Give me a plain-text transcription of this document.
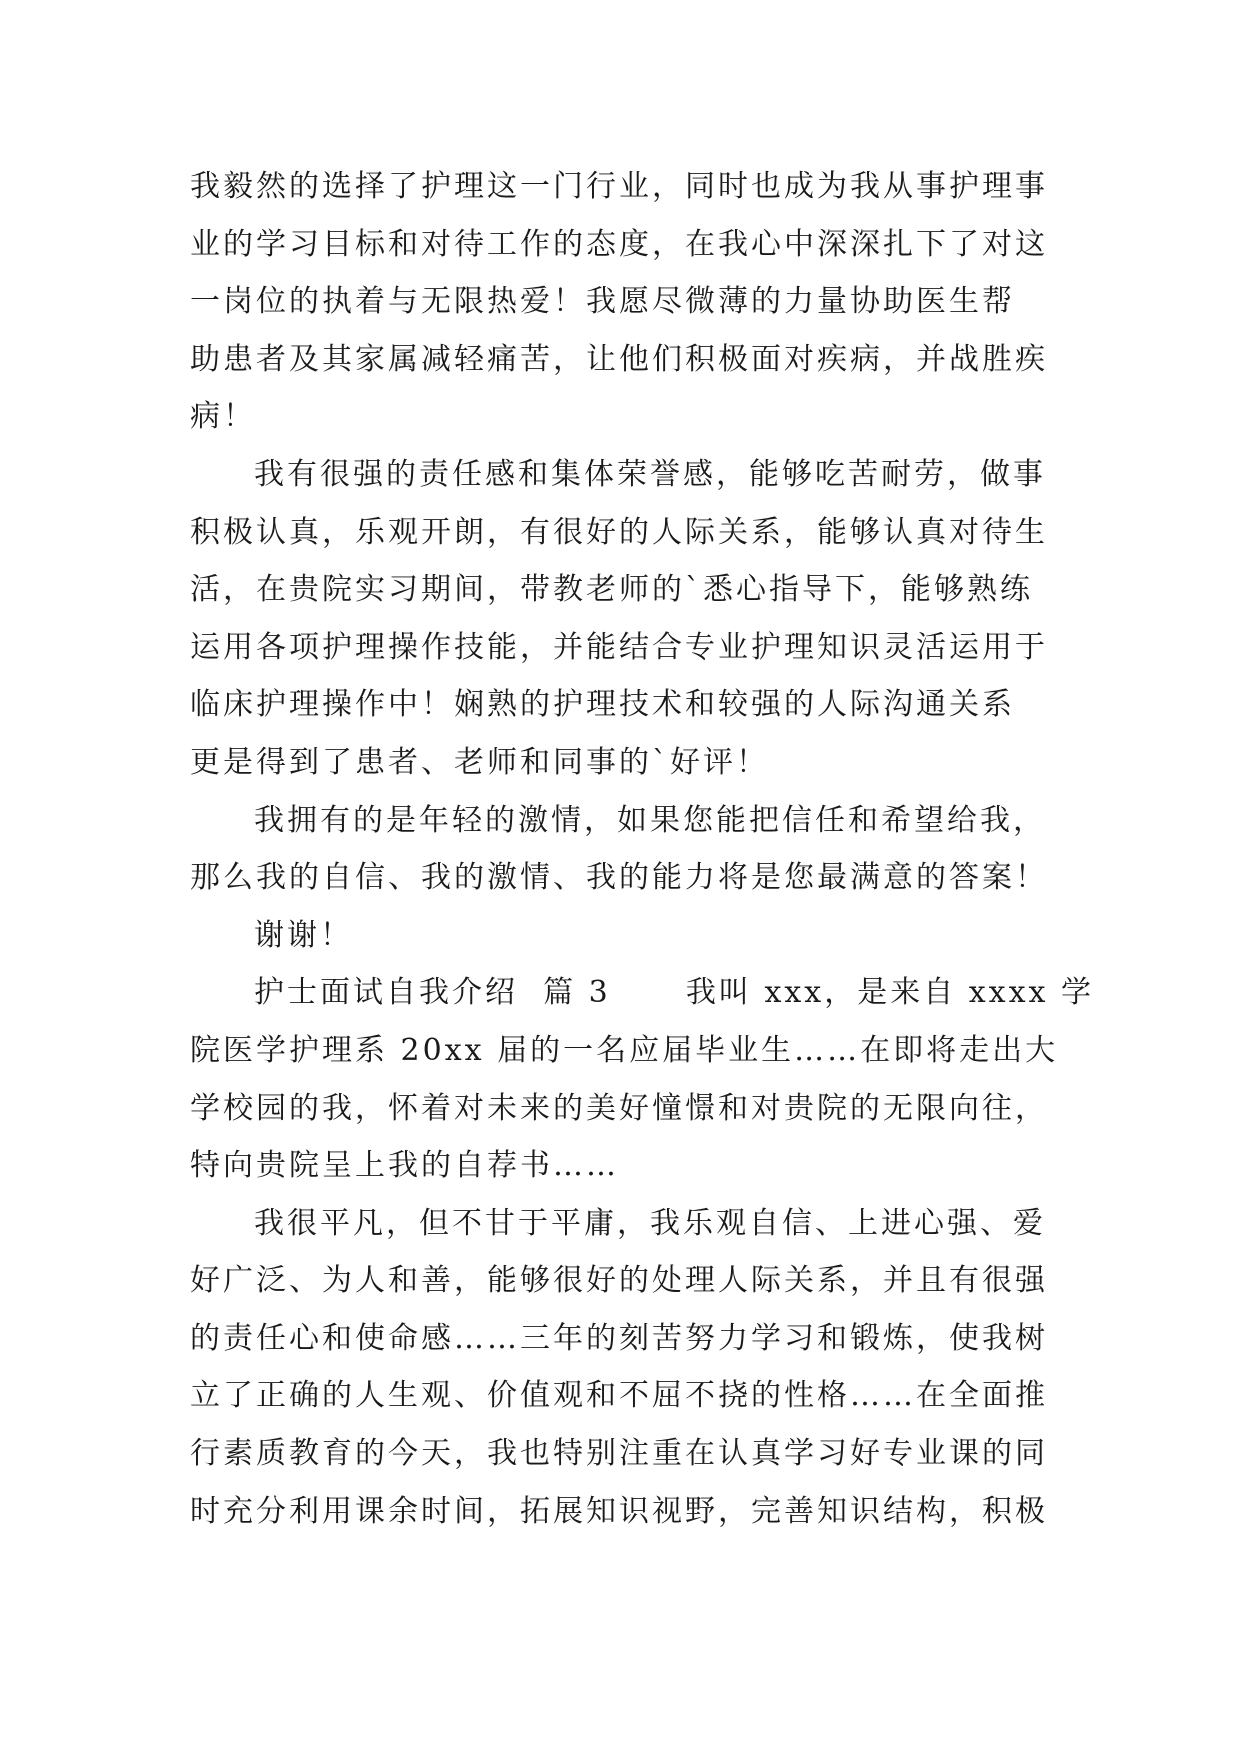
我毅然的选择了护理这一门行业，同时也成为我从事护理事
业的学习目标和对待工作的态度，在我心中深深扎下了对这
一岗位的执着与无限热爱！我愿尽微薄的力量协助医生帮
助患者及其家属减轻痛苦，让他们积极面对疾病，并战胜疾
病！
我有很强的责任感和集体荣誉感，能够吃苦耐劳，做事
积极认真，乐观开朗，有很好的人际关系，能够认真对待生
活，在贵院实习期间，带教老师的`悉心指导下，能够熟练
运用各项护理操作技能，并能结合专业护理知识灵活运用于
临床护理操作中！娴熟的护理技术和较强的人际沟通关系
更是得到了患者、老师和同事的`好评！
我拥有的是年轻的激情，如果您能把信任和希望给我，
那么我的自信、我的激情、我的能力将是您最满意的答案！
谢谢！
护士面试自我介绍  篇 3      我叫 xxx，是来自 xxxx 学
院医学护理系 20xx 届的一名应届毕业生……在即将走出大
学校园的我，怀着对未来的美好憧憬和对贵院的无限向往，
特向贵院呈上我的自荐书……
我很平凡，但不甘于平庸，我乐观自信、上进心强、爱
好广泛、为人和善，能够很好的处理人际关系，并且有很强
的责任心和使命感……三年的刻苦努力学习和锻炼，使我树
立了正确的人生观、价值观和不屈不挠的性格……在全面推
行素质教育的今天，我也特别注重在认真学习好专业课的同
时充分利用课余时间，拓展知识视野，完善知识结构，积极
